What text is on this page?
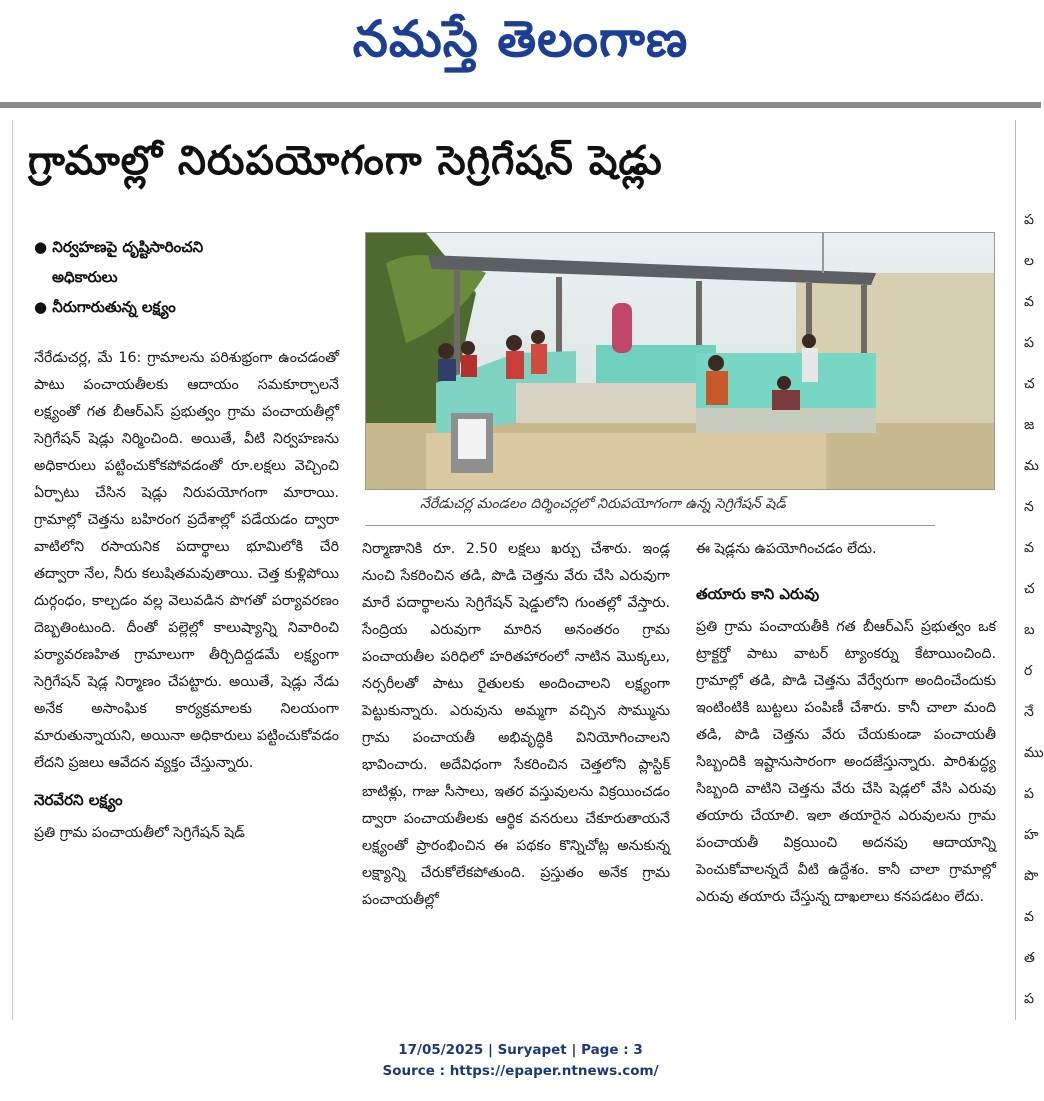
నమస్తే తెలంగాణ
గ్రామాల్లో నిరుపయోగంగా సెగ్రిగేషన్ షెడ్లు

● నిర్వహణపై దృష్టిసారించని

అధికారులు

● నీరుగారుతున్న లక్ష్యం

నేరేడుచర్ల మండలం దిర్శించర్లలో నిరుపయోగంగా ఉన్న సెగ్రిగేషన్ షెడ్
నేరేడుచర్ల, మే 16: గ్రామాలను పరిశుభ్రంగా ఉంచడంతో పాటు పంచాయతీలకు ఆదాయం సమకూర్చాలనే లక్ష్యంతో గత బీఆర్ఎస్ ప్రభుత్వం గ్రామ పంచాయతీల్లో సెగ్రిగేషన్ షెడ్లు నిర్మించింది. అయితే, వీటి నిర్వహణను అధికారులు పట్టించుకోకపోవడంతో రూ.లక్షలు వెచ్చించి ఏర్పాటు చేసిన షెడ్లు నిరుపయోగంగా మారాయి. గ్రామాల్లో చెత్తను బహిరంగ ప్రదేశాల్లో పడేయడం ద్వారా వాటిలోని రసాయనిక పదార్థాలు భూమిలోకి చేరి తద్వారా నేల, నీరు కలుషితమవుతాయి. చెత్త కుళ్లిపోయి దుర్గంధం, కాల్చడం వల్ల వెలువడిన పొగతో పర్యావరణం దెబ్బతింటుంది. దీంతో పల్లెల్లో కాలుష్యాన్ని నివారించి పర్యావరణహిత గ్రామాలుగా తీర్చిదిద్దడమే లక్ష్యంగా సెగ్రిగేషన్ షెడ్ల నిర్మాణం చేపట్టారు. అయితే, షెడ్లు నేడు అనేక అసాంఘిక కార్యక్రమాలకు నిలయంగా మారుతున్నాయని, అయినా అధికారులు పట్టించుకోవడం లేదని ప్రజలు ఆవేదన వ్యక్తం చేస్తున్నారు.
నెరవేరని లక్ష్యం
ప్రతి గ్రామ పంచాయతీలో సెగ్రిగేషన్ షెడ్
నిర్మాణానికి రూ. 2.50 లక్షలు ఖర్చు చేశారు. ఇండ్ల నుంచి సేకరించిన తడి, పొడి చెత్తను వేరు చేసి ఎరువుగా మారే పదార్థాలను సెగ్రిగేషన్ షెడ్డులోని గుంతల్లో వేస్తారు. సేంద్రియ ఎరువుగా మారిన అనంతరం గ్రామ పంచాయతీల పరిధిలో హరితహారంలో నాటిన మొక్కలు, నర్సరీలతో పాటు రైతులకు అందించాలని లక్ష్యంగా పెట్టుకున్నారు. ఎరువును అమ్మగా వచ్చిన సొమ్మును గ్రామ పంచాయతీ అభివృద్ధికి వినియోగించాలని భావించారు. అదేవిధంగా సేకరించిన చెత్తలోని ప్లాస్టిక్ బాటిళ్లు, గాజు సీసాలు, ఇతర వస్తువులను విక్రయించడం ద్వారా పంచాయతీలకు ఆర్థిక వనరులు చేకూరుతాయనే లక్ష్యంతో ప్రారంభించిన ఈ పథకం కొన్నిచోట్ల అనుకున్న లక్ష్యాన్ని చేరుకోలేకపోతుంది. ప్రస్తుతం అనేక గ్రామ పంచాయతీల్లో
ఈ షెడ్లను ఉపయోగించడం లేదు.
తయారు కాని ఎరువు
ప్రతి గ్రామ పంచాయతీకి గత బీఆర్ఎస్ ప్రభుత్వం ఒక ట్రాక్టర్తో పాటు వాటర్ ట్యాంకర్ను కేటాయించింది. గ్రామాల్లో తడి, పొడి చెత్తను వేర్వేరుగా అందించేందుకు ఇంటింటికి బుట్టలు పంపిణీ చేశారు. కానీ చాలా మంది తడి, పొడి చెత్తను వేరు చేయకుండా పంచాయతీ సిబ్బందికి ఇష్టానుసారంగా అందజేస్తున్నారు. పారిశుద్ధ్య సిబ్బంది వాటిని చెత్తను వేరు చేసి షెడ్లలో వేసి ఎరువు తయారు చేయాలి. ఇలా తయారైన ఎరువులను గ్రామ పంచాయతీ విక్రయించి అదనపు ఆదాయాన్ని పెంచుకోవాలన్నదే వీటి ఉద్దేశం. కానీ చాలా గ్రామాల్లో ఎరువు తయారు చేస్తున్న దాఖలాలు కనపడటం లేదు.
ప
ల
వ
ప
చ
జ
మ
న
వ
చ
బ
ర
నే
ము
ప
హ
పొ
వ
త
ప
17/05/2025 | Suryapet | Page : 3
Source : https://epaper.ntnews.com/
